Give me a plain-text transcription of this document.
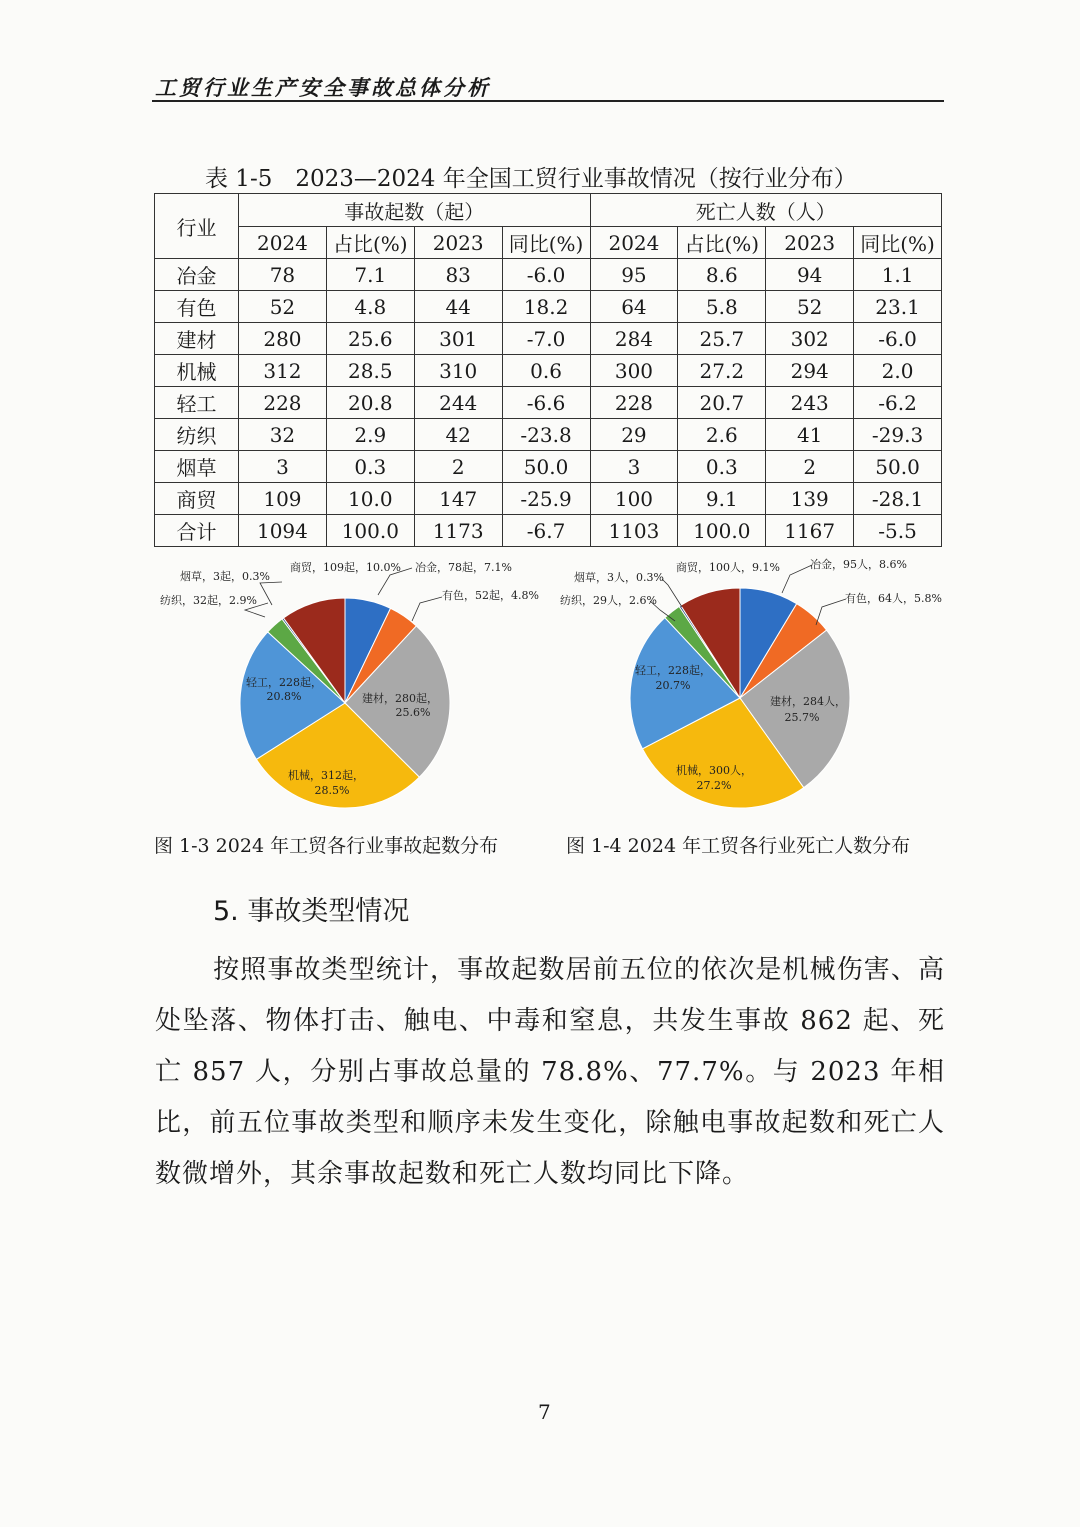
工贸行业生产安全事故总体分析
表 1-5　2023—2024 年全国工贸行业事故情况（按行业分布）
行业	事故起数（起）				死亡人数（人）			
	2024	占比(%)	2023	同比(%)	2024	占比(%)	2023	同比(%)
冶金	78	7.1	83	-6.0	95	8.6	94	1.1
有色	52	4.8	44	18.2	64	5.8	52	23.1
建材	280	25.6	301	-7.0	284	25.7	302	-6.0
机械	312	28.5	310	0.6	300	27.2	294	2.0
轻工	228	20.8	244	-6.6	228	20.7	243	-6.2
纺织	32	2.9	42	-23.8	29	2.6	41	-29.3
烟草	3	0.3	2	50.0	3	0.3	2	50.0
商贸	109	10.0	147	-25.9	100	9.1	139	-28.1
合计	1094	100.0	1173	-6.7	1103	100.0	1167	-5.5
冶金，78起，7.1%
有色，52起，4.8%
建材，280起，
25.6%
机械，312起，
28.5%
轻工，228起，
20.8%
纺织，32起，2.9%
烟草，3起，0.3%
商贸，109起，10.0%	冶金，95人，8.6%
有色，64人，5.8%
建材，284人，
25.7%
机械，300人，
27.2%
轻工，228起，
20.7%
纺织，29人，2.6%
烟草，3人，0.3%
商贸，100人，9.1%
图 1-3 2024 年工贸各行业事故起数分布	图 1-4 2024 年工贸各行业死亡人数分布
5. 事故类型情况
按照事故类型统计，事故起数居前五位的依次是机械伤害、高处坠落、物体打击、触电、中毒和窒息，共发生事故 862 起、死亡 857 人，分别占事故总量的 78.8%、77.7%。与 2023 年相比，前五位事故类型和顺序未发生变化，除触电事故起数和死亡人数微增外，其余事故起数和死亡人数均同比下降。
7
